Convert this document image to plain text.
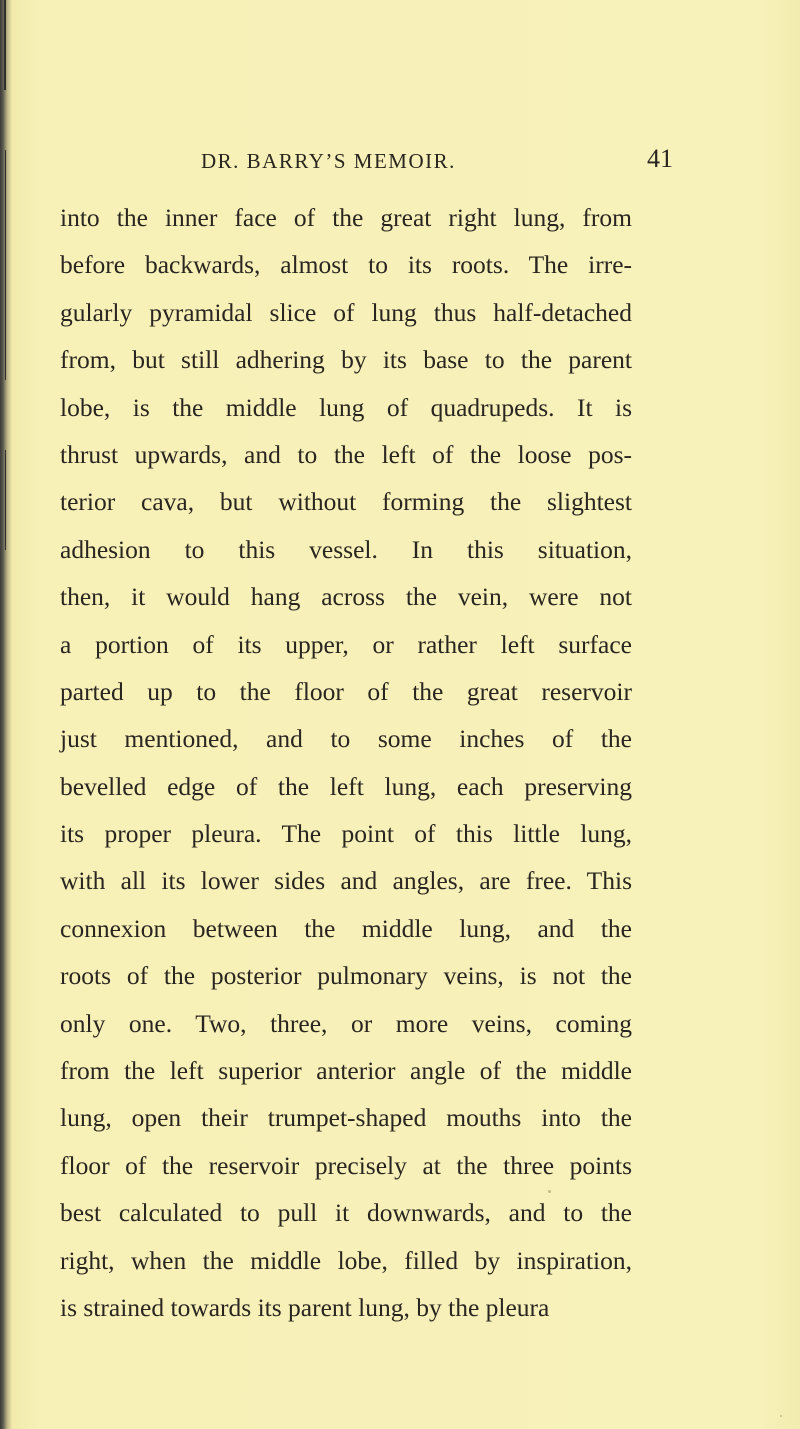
DR. BARRY’S MEMOIR.	41
into the inner face of the great right lung, from
before backwards, almost to its roots. The irre-
gularly pyramidal slice of lung thus half-detached
from, but still adhering by its base to the parent
lobe, is the middle lung of quadrupeds. It is
thrust upwards, and to the left of the loose pos-
terior cava, but without forming the slightest
adhesion to this vessel. In this situation,
then, it would hang across the vein, were not
a portion of its upper, or rather left surface
parted up to the floor of the great reservoir
just mentioned, and to some inches of the
bevelled edge of the left lung, each preserving
its proper pleura. The point of this little lung,
with all its lower sides and angles, are free. This
connexion between the middle lung, and the
roots of the posterior pulmonary veins, is not the
only one. Two, three, or more veins, coming
from the left superior anterior angle of the middle
lung, open their trumpet-shaped mouths into the
floor of the reservoir precisely at the three points
best calculated to pull it downwards, and to the
right, when the middle lobe, filled by inspiration,
is strained towards its parent lung, by the pleura
